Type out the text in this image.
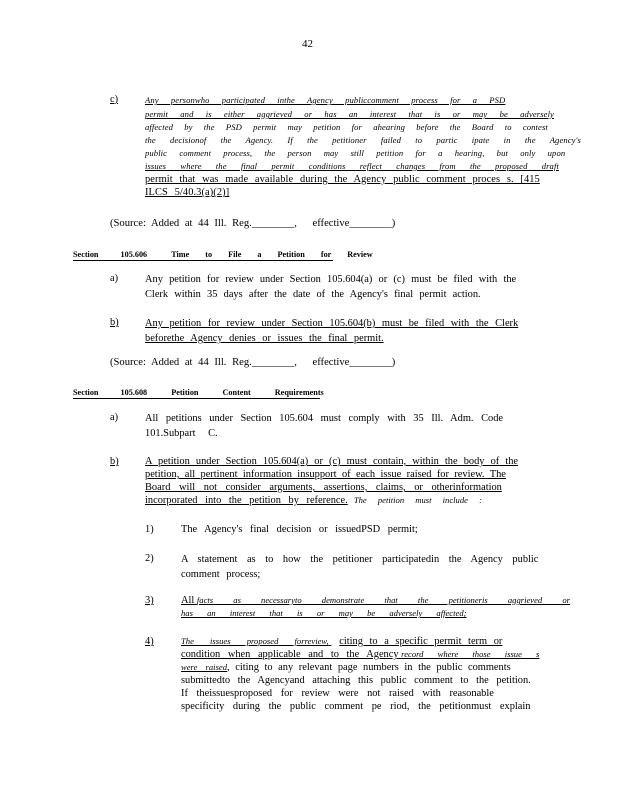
42
c)	Any personwho participated inthe Agency publiccomment process for a PSD
permit and is either aggrieved or has an interest that is or may be adversely
affected by the PSD permit may petition for ahearing before the Board to contest
the decisionof the Agency. If the petitioner failed to partic ipate in the Agency's
public comment process, the person may still petition for a hearing, but only upon
issues where the final permit conditions reflect changes from the proposed draft
permit that was made available during the Agency public comment proces s. [415
ILCS 5/40.3(a)(2)]
(Source: Added at 44 Ill. Reg.________, effective________)
Section	105.606	Time to File a Petition for Review
a)	Any petition for review under Section 105.604(a) or (c) must be filed with the
Clerk within 35 days after the date of the Agency's final permit action.
b)	Any petition for review under Section 105.604(b) must be filed with the Clerk
beforethe Agency denies or issues the final permit.
(Source: Added at 44 Ill. Reg.________, effective________)
Section	105.608	Petition Content Requirements
a)	All petitions under Section 105.604 must comply with 35 Ill. Adm. Code
101.Subpart C.
b)	A petition under Section 105.604(a) or (c) must contain, within the body of the
petition, all pertinent information insupport of each issue raised for review. The
Board will not consider arguments, assertions, claims, or otherinformation
incorporated into the petition by reference. The petition must include :
1)	The Agency's final decision or issuedPSD permit;
2)	A statement as to how the petitioner participatedin the Agency public
comment process;
3)	All facts as necessaryto demonstrate that the petitioneris aggrieved or
has an interest that is or may be adversely affected;
4)	The issues proposed forreview, citing to a specific permit term or
condition when applicable and to the Agency record where those issue s
were raised, citing to any relevant page numbers in the public comments
submittedto the Agencyand attaching this public comment to the petition.
If theissuesproposed for review were not raised with reasonable
specificity during the public comment pe riod, the petitionmust explain
